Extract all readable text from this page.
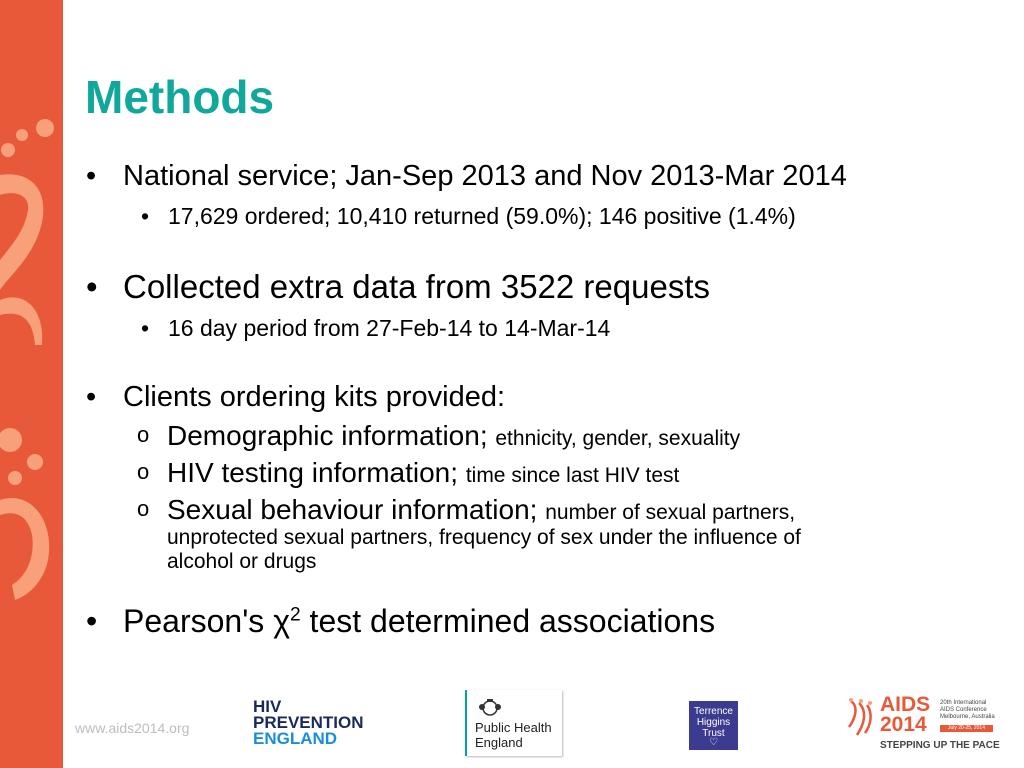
Methods
• National service; Jan-Sep 2013 and Nov 2013-Mar 2014
• 17,629 ordered; 10,410 returned (59.0%); 146 positive (1.4%)
• Collected extra data from 3522 requests
• 16 day period from 27-Feb-14 to 14-Mar-14
• Clients ordering kits provided:
o Demographic information; ethnicity, gender, sexuality
o HIV testing information; time since last HIV test
o Sexual behaviour information; number of sexual partners,
unprotected sexual partners, frequency of sex under the influence of
alcohol or drugs
• Pearson's $\chi^2$ test determined associations
www.aids2014.org
HIV
PREVENTION
ENGLAND
Public Health
England
Terrence
Higgins
Trust
♡
AIDS
2014
20th International
AIDS Conference
Melbourne, Australia
July 20-25, 2014
STEPPING UP THE PACE
